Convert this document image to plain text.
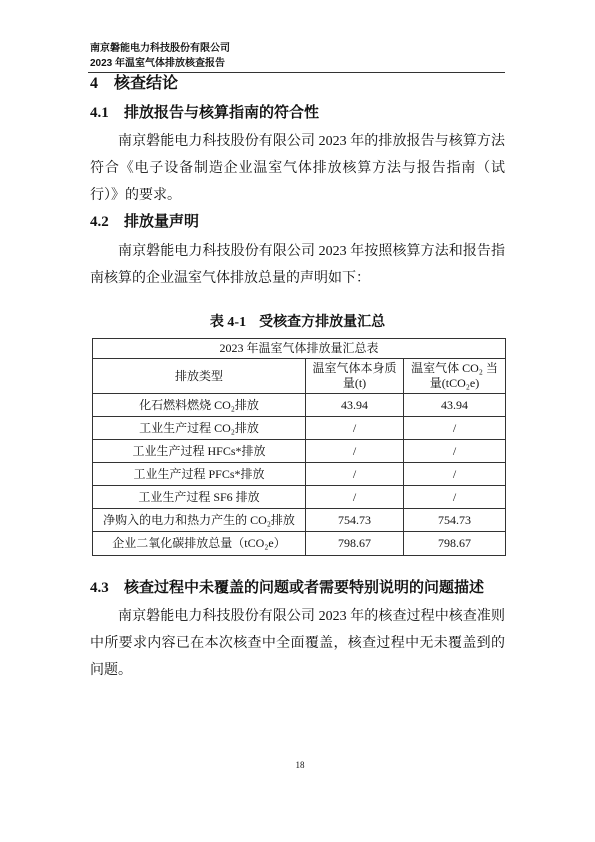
南京磐能电力科技股份有限公司
2023 年温室气体排放核查报告
4 核查结论
4.1 排放报告与核算指南的符合性

南京磐能电力科技股份有限公司 2023 年的排放报告与核算方法符合《电子设备制造企业温室气体排放核算方法与报告指南（试行）》的要求。

4.2 排放量声明

南京磐能电力科技股份有限公司 2023 年按照核算方法和报告指南核算的企业温室气体排放总量的声明如下：

表 4-1 受核查方排放量汇总
2023 年温室气体排放量汇总表		
排放类型	温室气体本身质量(t)	温室气体 CO₂ 当量(tCO₂e)
化石燃料燃烧 CO₂排放	43.94	43.94
工业生产过程 CO₂排放	/	/
工业生产过程 HFCs*排放	/	/
工业生产过程 PFCs*排放	/	/
工业生产过程 SF6 排放	/	/
净购入的电力和热力产生的 CO₂排放	754.73	754.73
企业二氧化碳排放总量（tCO₂e）	798.67	798.67
4.3 核查过程中未覆盖的问题或者需要特别说明的问题描述

南京磐能电力科技股份有限公司 2023 年的核查过程中核查准则中所要求内容已在本次核查中全面覆盖，核查过程中无未覆盖到的问题。

18
